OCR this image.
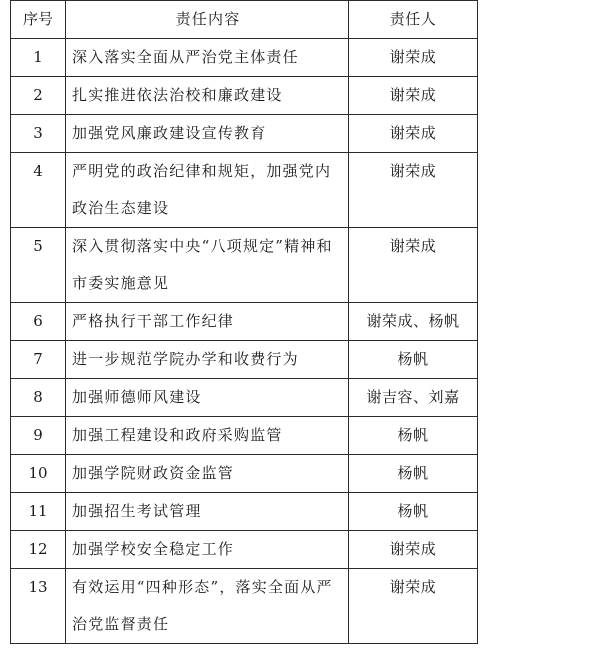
序号	责任内容	责任人
1	深入落实全面从严治党主体责任	谢荣成
2	扎实推进依法治校和廉政建设	谢荣成
3	加强党风廉政建设宣传教育	谢荣成
4	严明党的政治纪律和规矩，加强党内政治生态建设	谢荣成
5	深入贯彻落实中央“八项规定”精神和市委实施意见	谢荣成
6	严格执行干部工作纪律	谢荣成、杨帆
7	进一步规范学院办学和收费行为	杨帆
8	加强师德师风建设	谢吉容、刘嘉
9	加强工程建设和政府采购监管	杨帆
10	加强学院财政资金监管	杨帆
11	加强招生考试管理	杨帆
12	加强学校安全稳定工作	谢荣成
13	有效运用“四种形态”，落实全面从严治党监督责任	谢荣成
